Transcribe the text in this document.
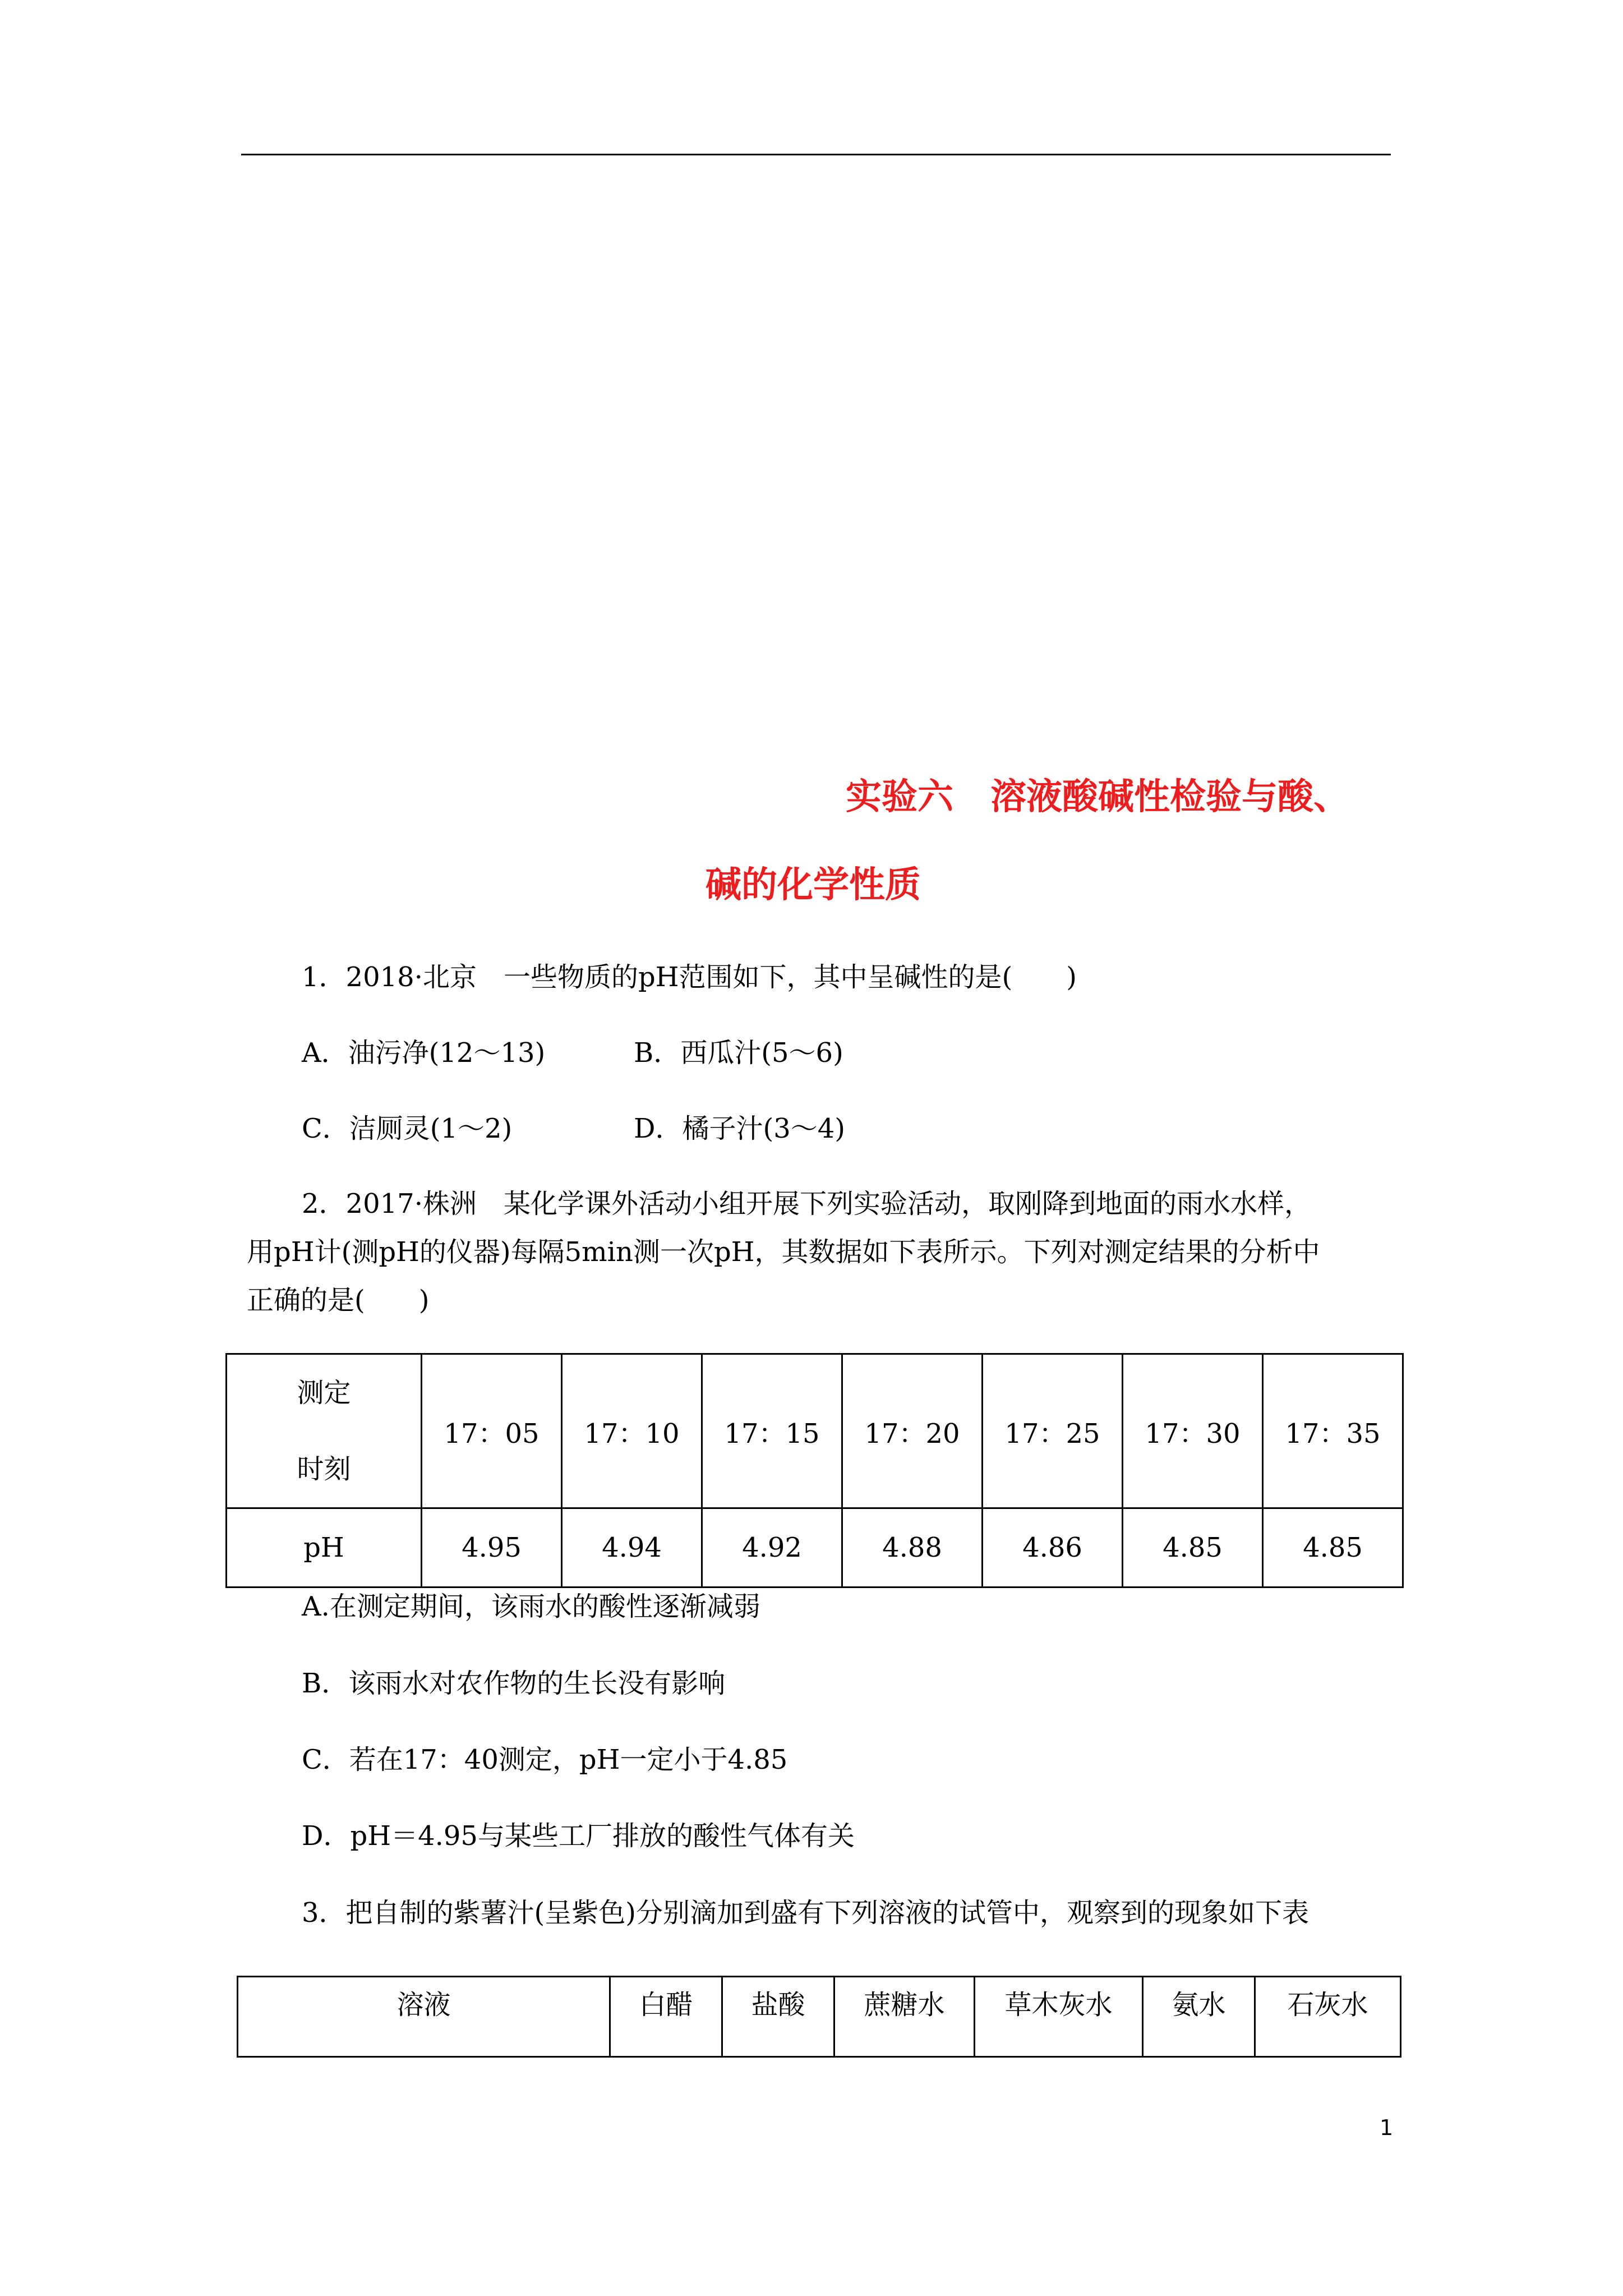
实验六 溶液酸碱性检验与酸、
碱的化学性质
1．2018·北京　一些物质的pH范围如下，其中呈碱性的是(　　)
A．油污净(12～13)	B．西瓜汁(5～6)
C．洁厕灵(1～2)	D．橘子汁(3～4)
2．2017·株洲　某化学课外活动小组开展下列实验活动，取刚降到地面的雨水水样，
用pH计(测pH的仪器)每隔5min测一次pH，其数据如下表所示。下列对测定结果的分析中
正确的是(　　)
测定
时刻	17：05	17：10	17：15	17：20	17：25	17：30	17：35
pH	4.95	4.94	4.92	4.88	4.86	4.85	4.85
A.在测定期间，该雨水的酸性逐渐减弱
B．该雨水对农作物的生长没有影响
C．若在17：40测定，pH一定小于4.85
D．pH＝4.95与某些工厂排放的酸性气体有关
3．把自制的紫薯汁(呈紫色)分别滴加到盛有下列溶液的试管中，观察到的现象如下表
溶液	白醋	盐酸	蔗糖水	草木灰水	氨水	石灰水
1
